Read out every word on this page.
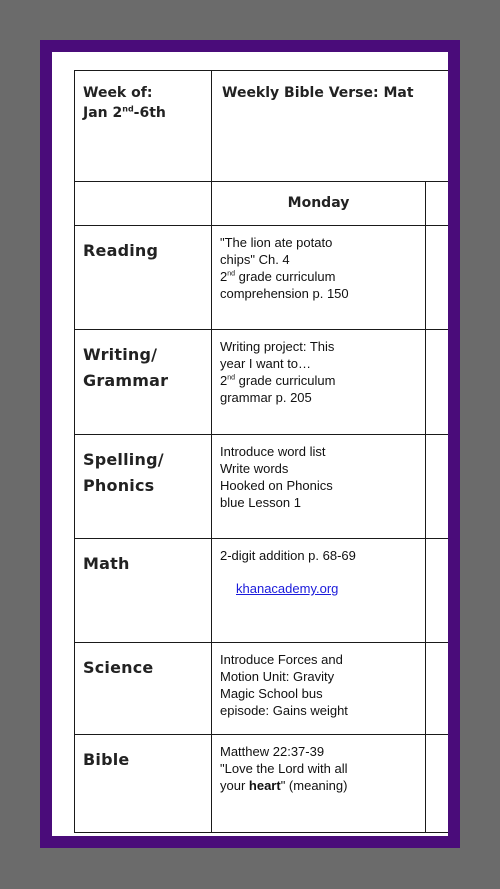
Week of:
Jan 2nd-6th	Weekly Bible Verse: Mat	
	Monday	

Reading	"The lion ate potato
chips" Ch. 4
2nd grade curriculum
comprehension p. 150	

Writing/
Grammar	Writing project: This
year I want to…
2nd grade curriculum
grammar p. 205	

Spelling/
Phonics	Introduce word list
Write words
Hooked on Phonics
blue Lesson 1	

Math	2-digit addition p. 68-69
khanacademy.org	

Science	Introduce Forces and
Motion Unit: Gravity
Magic School bus
episode: Gains weight	

Bible	Matthew 22:37-39
"Love the Lord with all
your heart" (meaning)	
